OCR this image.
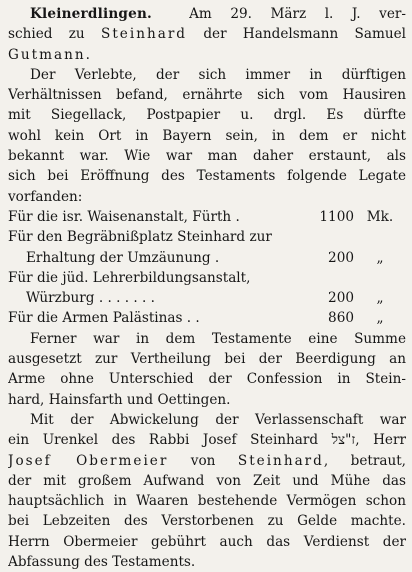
Kleinerdlingen.	Am 29. März l. J. ver-
schied zu Steinhard der Handelsmann Samuel
Gutmann.
Der Verlebte, der sich immer in dürftigen
Verhältnissen befand, ernährte sich vom Hausiren
mit Siegellack, Postpapier u. drgl. Es dürfte
wohl kein Ort in Bayern sein, in dem er nicht
bekannt war. Wie war man daher erstaunt, als
sich bei Eröffnung des Testaments folgende Legate
vorfanden:
Für die isr. Waisenanstalt, Fürth .	1100 Mk.
Für den Begräbnißplatz Steinhard zur
Erhaltung der Umzäunung .	200	„
Für die jüd. Lehrerbildungsanstalt,
Würzburg . . . . . . .	200	„
Für die Armen Palästinas . .	860	„
Ferner war in dem Testamente eine Summe
ausgesetzt zur Vertheilung bei der Beerdigung an
Arme ohne Unterschied der Confession in Stein-
hard, Hainsfarth und Oettingen.
Mit der Abwickelung der Verlassenschaft war
ein Urenkel des Rabbi Josef Steinhard ז"צל, Herr
Josef Obermeier von Steinhard, betraut,
der mit großem Aufwand von Zeit und Mühe das
hauptsächlich in Waaren bestehende Vermögen schon
bei Lebzeiten des Verstorbenen zu Gelde machte.
Herrn Obermeier gebührt auch das Verdienst der
Abfassung des Testaments.
